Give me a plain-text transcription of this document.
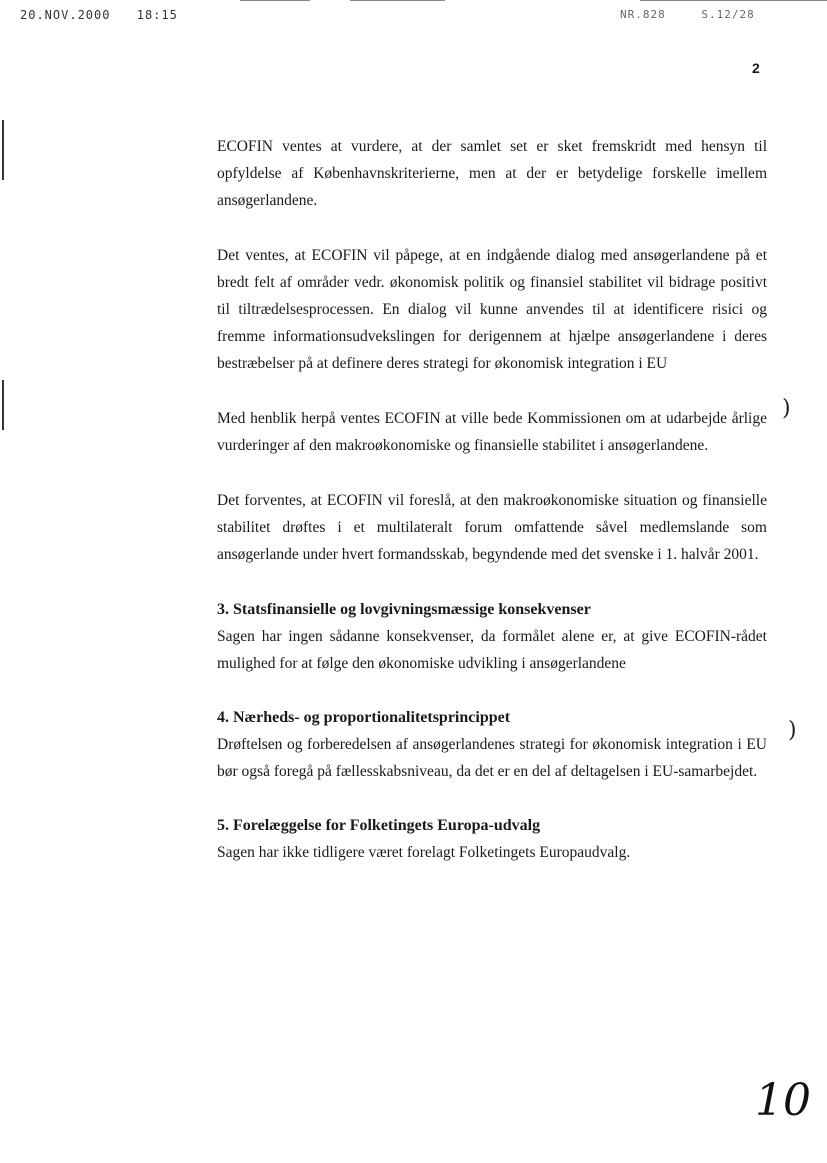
20.NOV.2000 18:15	NR.828	S.12/28
2

ECOFIN ventes at vurdere, at der samlet set er sket fremskridt med hensyn til opfyldelse af Københavnskriterierne, men at der er betydelige forskelle imellem ansøgerlandene.

Det ventes, at ECOFIN vil påpege, at en indgående dialog med ansøgerlandene på et bredt felt af områder vedr. økonomisk politik og finansiel stabilitet vil bidrage positivt til tiltrædelsesprocessen. En dialog vil kunne anvendes til at identificere risici og fremme informationsudvekslingen for derigennem at hjælpe ansøgerlandene i deres bestræbelser på at definere deres strategi for økonomisk integration i EU

Med henblik herpå ventes ECOFIN at ville bede Kommissionen om at udarbejde årlige vurderinger af den makroøkonomiske og finansielle stabilitet i ansøgerlandene.

Det forventes, at ECOFIN vil foreslå, at den makroøkonomiske situation og finansielle stabilitet drøftes i et multilateralt forum omfattende såvel medlemslande som ansøgerlande under hvert formandsskab, begyndende med det svenske i 1. halvår 2001.

3. Statsfinansielle og lovgivningsmæssige konsekvenser

Sagen har ingen sådanne konsekvenser, da formålet alene er, at give ECOFIN-rådet mulighed for at følge den økonomiske udvikling i ansøgerlandene

4. Nærheds- og proportionalitetsprincippet

Drøftelsen og forberedelsen af ansøgerlandenes strategi for økonomisk integration i EU bør også foregå på fællesskabsniveau, da det er en del af deltagelsen i EU-samarbejdet.

5. Forelæggelse for Folketingets Europa-udvalg

Sagen har ikke tidligere været forelagt Folketingets Europaudvalg.

)
)
10
